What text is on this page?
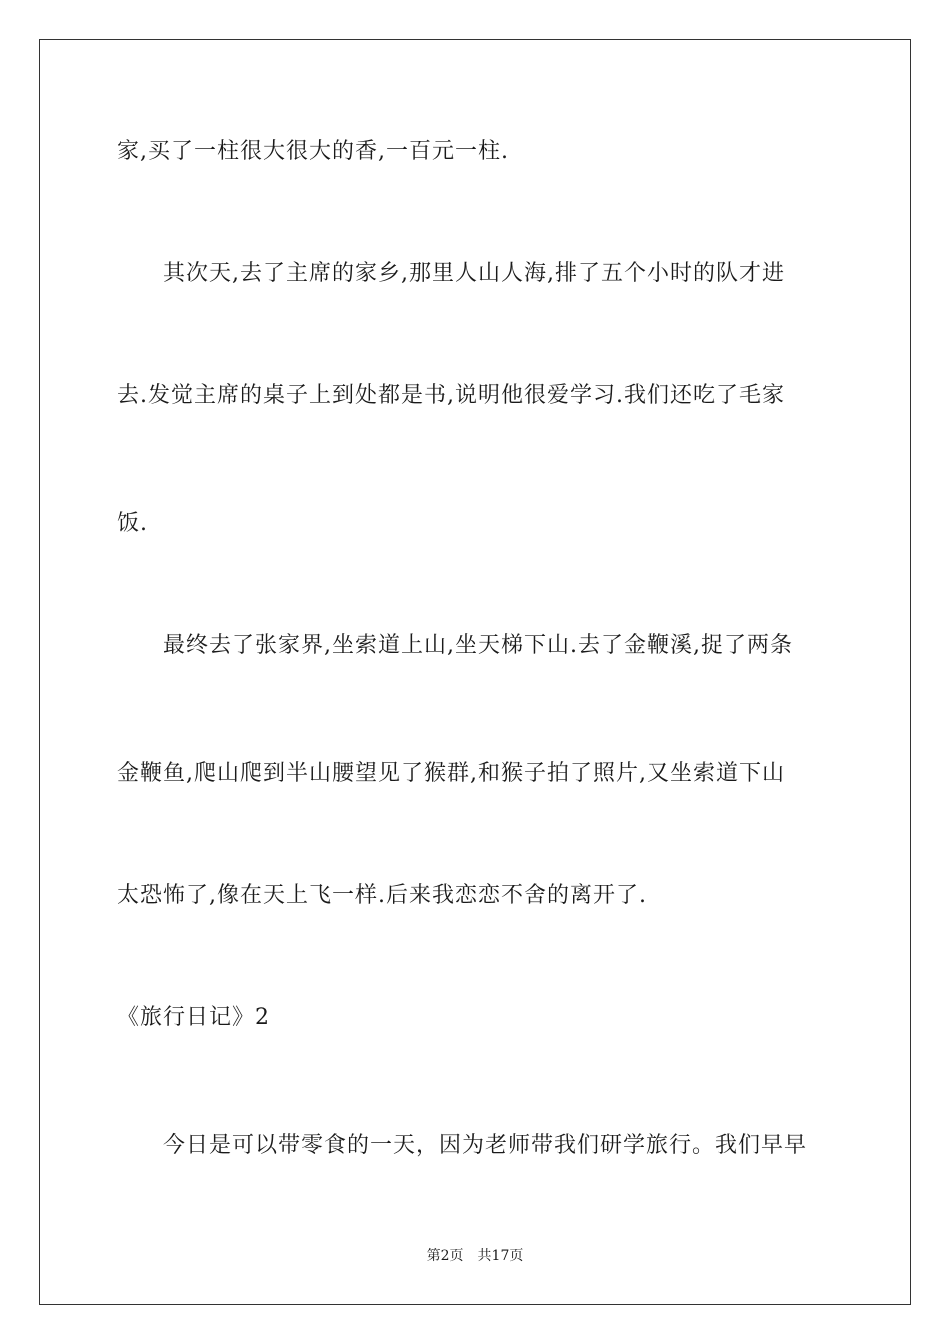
家,买了一柱很大很大的香,一百元一柱.
其次天,去了主席的家乡,那里人山人海,排了五个小时的队才进
去.发觉主席的桌子上到处都是书,说明他很爱学习.我们还吃了毛家
饭.
最终去了张家界,坐索道上山,坐天梯下山.去了金鞭溪,捉了两条
金鞭鱼,爬山爬到半山腰望见了猴群,和猴子拍了照片,又坐索道下山
太恐怖了,像在天上飞一样.后来我恋恋不舍的离开了.
《旅行日记》2
今日是可以带零食的一天，因为老师带我们研学旅行。我们早早
第2页 共17页
